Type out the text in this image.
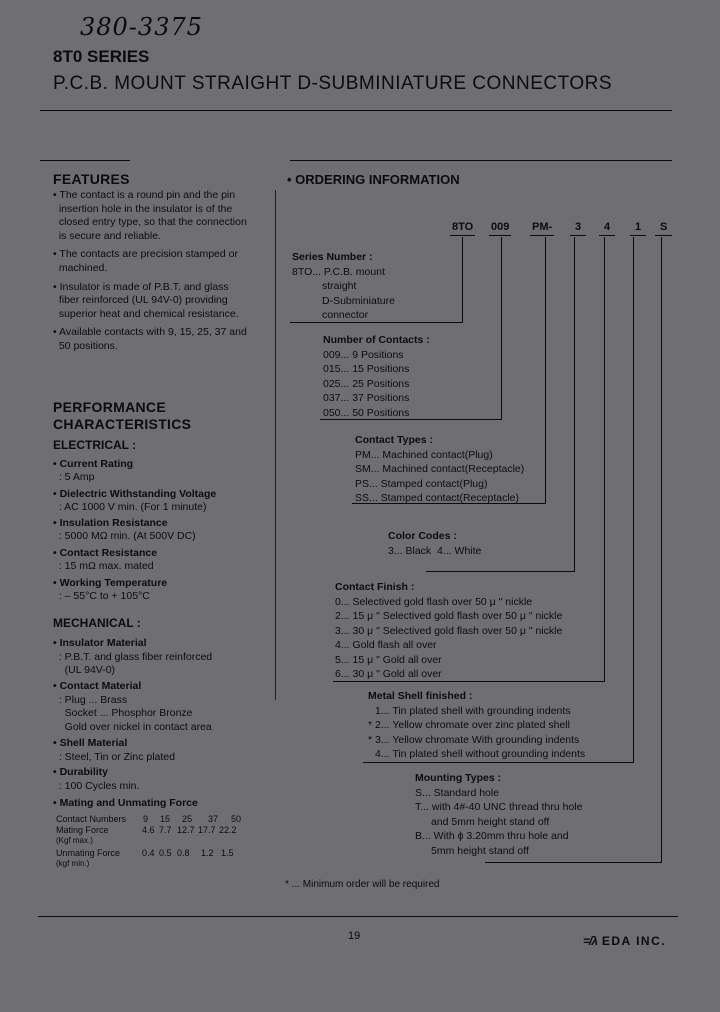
380-3375
8T0 SERIES
P.C.B. MOUNT STRAIGHT D-SUBMINIATURE CONNECTORS
FEATURES
• The contact is a round pin and the pin
insertion hole in the insulator is of the
closed entry type, so that the connection
is secure and reliable.
• The contacts are precision stamped or
machined.
• Insulator is made of P.B.T. and glass
fiber reinforced (UL 94V-0) providing
superior heat and chemical resistance.
• Available contacts with 9, 15, 25, 37 and
50 positions.
PERFORMANCE
CHARACTERISTICS
ELECTRICAL :
• Current Rating
: 5 Amp
• Dielectric Withstanding Voltage
: AC 1000 V min. (For 1 minute)
• Insulation Resistance
: 5000 MΩ min. (At 500V DC)
• Contact Resistance
: 15 mΩ max. mated
• Working Temperature
: – 55°C to + 105°C
MECHANICAL :
• Insulator Material
: P.B.T. and glass fiber reinforced
(UL 94V-0)
• Contact Material
: Plug ... Brass
Socket ... Phosphor Bronze
Gold over nickel in contact area
• Shell Material
: Steel, Tin or Zinc plated
• Durability
: 100 Cycles min.
• Mating and Unmating Force
Contact Numbers 9 15 25 37 50
Mating Force	4.6 7.7 12.7 17.7 22.2
(Kgf max.)
Unmating Force 0.4 0.5 0.8 1.2 1.5
(kgf min.)
• ORDERING INFORMATION
8TO 009 PM-	3	4	1	S
Series Number :
8TO... P.C.B. mount
straight
D-Subminiature
connector
Number of Contacts :
009... 9 Positions
015... 15 Positions
025... 25 Positions
037... 37 Positions
050... 50 Positions
Contact Types :
PM... Machined contact(Plug)
SM... Machined contact(Receptacle)
PS... Stamped contact(Plug)
SS... Stamped contact(Receptacle)
Color Codes :
3... Black  4... White
Contact Finish :
0... Selectived gold flash over 50 μ " nickle
2... 15 μ " Selectived gold flash over 50 μ " nickle
3... 30 μ " Selectived gold flash over 50 μ " nickle
4... Gold flash all over
5... 15 μ " Gold all over
6... 30 μ " Gold all over
Metal Shell finished :
1... Tin plated shell with grounding indents
* 2... Yellow chromate over zinc plated shell
* 3... Yellow chromate With grounding indents
4... Tin plated shell without grounding indents
Mounting Types :
S... Standard hole
T... with 4#-40 UNC thread thru hole
and 5mm height stand off
B... With ϕ 3.20mm thru hole and
5mm height stand off
* ... Minimum order will be required
19	=/λ EDA INC.
